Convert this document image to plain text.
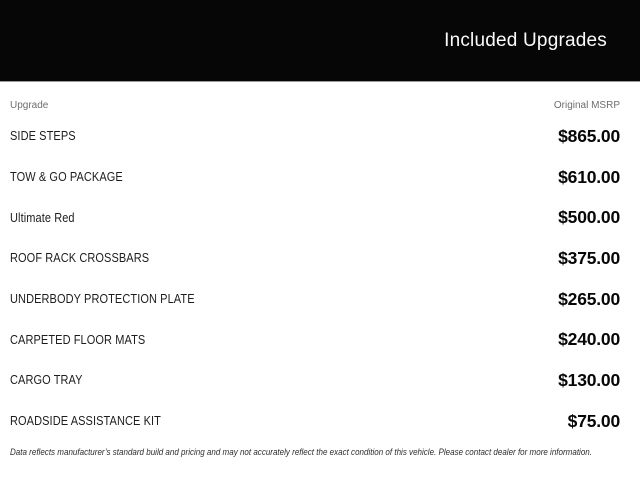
Included Upgrades
Upgrade	Original MSRP
SIDE STEPS	$865.00
TOW & GO PACKAGE	$610.00
Ultimate Red	$500.00
ROOF RACK CROSSBARS	$375.00
UNDERBODY PROTECTION PLATE	$265.00
CARPETED FLOOR MATS	$240.00
CARGO TRAY	$130.00
ROADSIDE ASSISTANCE KIT	$75.00

Data reflects manufacturer’s standard build and pricing and may not accurately reflect the exact condition of this vehicle. Please contact dealer for more information.
